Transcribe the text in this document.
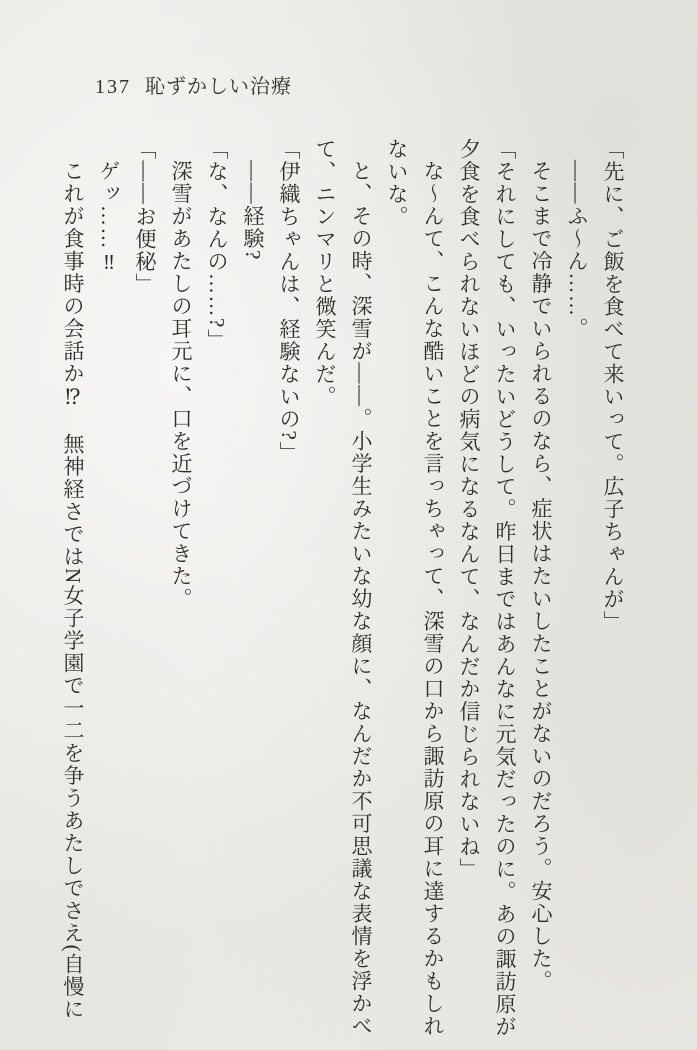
137 恥ずかしい治療
「先に、ご飯を食べて来いって。広子ちゃんが」
――ふ〜ん……。
そこまで冷静でいられるのなら、症状はたいしたことがないのだろう。安心した。
「それにしても、いったいどうして。昨日まではあんなに元気だったのに。あの諏訪原が
夕食を食べられないほどの病気になるなんて、なんだか信じられないね」
な〜んて、こんな酷いことを言っちゃって、深雪の口から諏訪原の耳に達するかもしれ
ないな。
と、その時、深雪が――。小学生みたいな幼な顔に、なんだか不可思議な表情を浮かべ
て、ニンマリと微笑んだ。
「伊織ちゃんは、経験ないの?」
――経験?
「な、なんの……?」
深雪があたしの耳元に、口を近づけてきた。
「――お便秘」
ゲッ……‼
これが食事時の会話か⁉　無神経さではN女子学園で一二を争うあたしでさえ(自慢に
